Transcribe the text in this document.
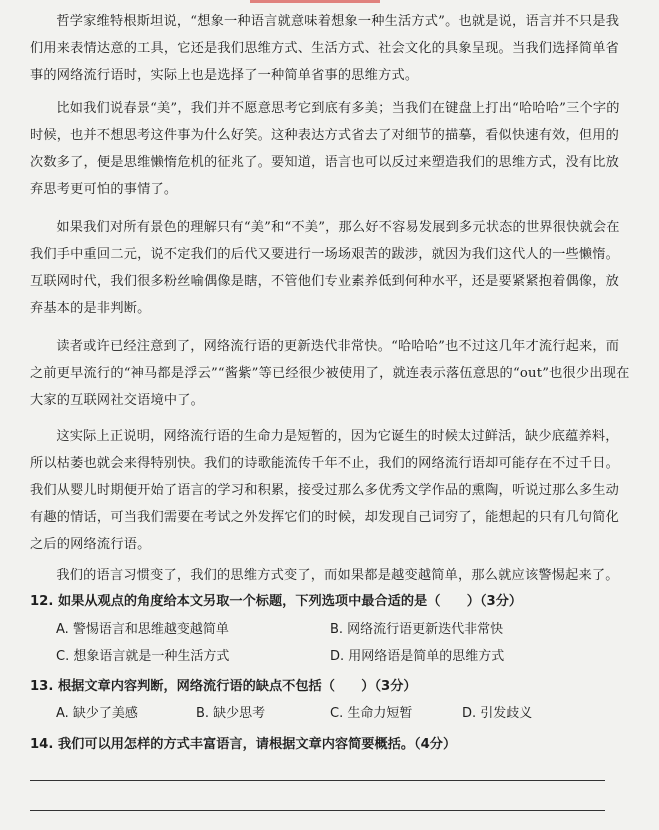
哲学家维特根斯坦说，“想象一种语言就意味着想象一种生活方式”。也就是说，语言并不只是我们用来表情达意的工具，它还是我们思维方式、生活方式、社会文化的具象呈现。当我们选择简单省事的网络流行语时，实际上也是选择了一种简单省事的思维方式。

比如我们说春景“美”，我们并不愿意思考它到底有多美；当我们在键盘上打出“哈哈哈”三个字的时候，也并不想思考这件事为什么好笑。这种表达方式省去了对细节的描摹，看似快速有效，但用的次数多了，便是思维懒惰危机的征兆了。要知道，语言也可以反过来塑造我们的思维方式，没有比放弃思考更可怕的事情了。

如果我们对所有景色的理解只有“美”和“不美”，那么好不容易发展到多元状态的世界很快就会在我们手中重回二元，说不定我们的后代又要进行一场场艰苦的跋涉，就因为我们这代人的一些懒惰。互联网时代，我们很多粉丝喻偶像是瞎，不管他们专业素养低到何种水平，还是要紧紧抱着偶像，放弃基本的是非判断。

读者或许已经注意到了，网络流行语的更新迭代非常快。“哈哈哈”也不过这几年才流行起来，而之前更早流行的“神马都是浮云”“酱紫”等已经很少被使用了，就连表示落伍意思的“out”也很少出现在大家的互联网社交语境中了。

这实际上正说明，网络流行语的生命力是短暂的，因为它诞生的时候太过鲜活，缺少底蕴养料，所以枯萎也就会来得特别快。我们的诗歌能流传千年不止，我们的网络流行语却可能存在不过千日。我们从婴儿时期便开始了语言的学习和积累，接受过那么多优秀文学作品的熏陶，听说过那么多生动有趣的情话，可当我们需要在考试之外发挥它们的时候，却发现自己词穷了，能想起的只有几句简化之后的网络流行语。

我们的语言习惯变了，我们的思维方式变了，而如果都是越变越简单，那么就应该警惕起来了。

12. 如果从观点的角度给本文另取一个标题，下列选项中最合适的是（　　）（3分）

A. 警惕语言和思维越变越简单	B. 网络流行语更新迭代非常快
C. 想象语言就是一种生活方式	D. 用网络语是简单的思维方式

13. 根据文章内容判断，网络流行语的缺点不包括（　　）（3分）

A. 缺少了美感	B. 缺少思考	C. 生命力短暂	D. 引发歧义

14. 我们可以用怎样的方式丰富语言，请根据文章内容简要概括。（4分）
